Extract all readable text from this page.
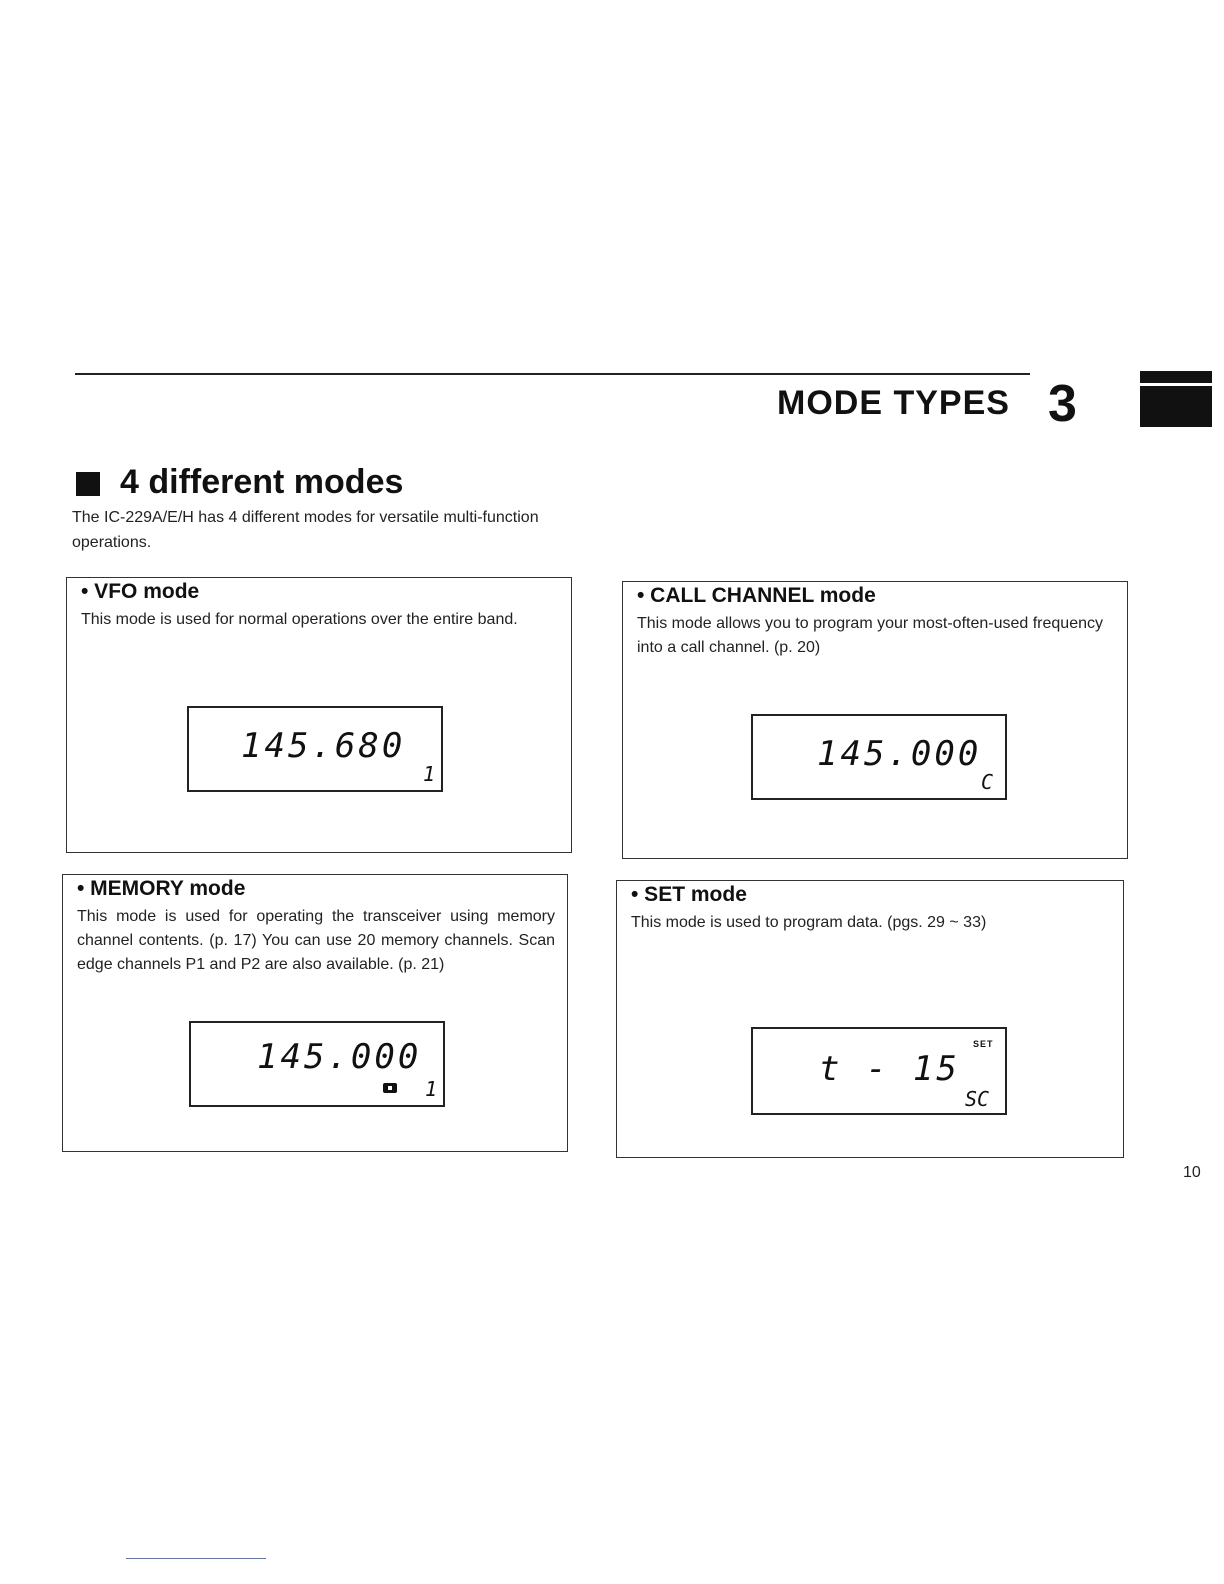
MODE TYPES 3
4 different modes
The IC-229A/E/H has 4 different modes for versatile multi-function operations.
• VFO mode
This mode is used for normal operations over the entire band.
145.680
1
• CALL CHANNEL mode
This mode allows you to program your most-often-used frequency into a call channel. (p. 20)
145.000
C
• MEMORY mode
This mode is used for operating the transceiver using memory channel contents. (p. 17) You can use 20 memory channels. Scan edge channels P1 and P2 are also available. (p. 21)
145.000
1
• SET mode
This mode is used to program data. (pgs. 29 ~ 33)
SET
t - 15
SC
10
